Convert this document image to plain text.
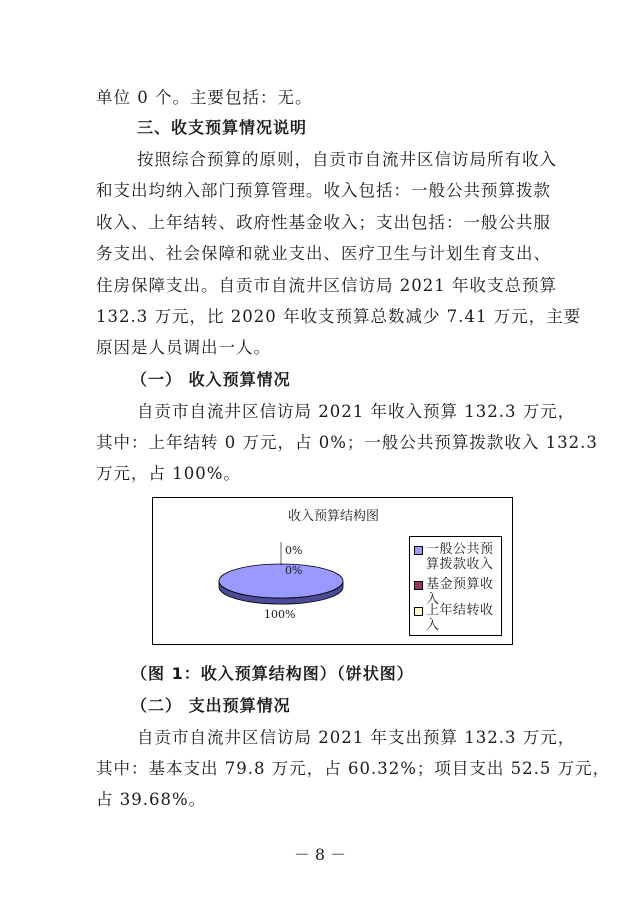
单位 0 个。主要包括：无。
三、收支预算情况说明
按照综合预算的原则，自贡市自流井区信访局所有收入
和支出均纳入部门预算管理。收入包括：一般公共预算拨款
收入、上年结转、政府性基金收入；支出包括：一般公共服
务支出、社会保障和就业支出、医疗卫生与计划生育支出、
住房保障支出。自贡市自流井区信访局 2021 年收支总预算
132.3 万元，比 2020 年收支预算总数减少 7.41 万元，主要
原因是人员调出一人。
（一） 收入预算情况
自贡市自流井区信访局 2021 年收入预算 132.3 万元，
其中：上年结转 0 万元，占 0%；一般公共预算拨款收入 132.3
万元，占 100%。
收入预算结构图
0%
0%
100%
一般公共预算拨款收入
基金预算收入
上年结转收入
（图 1：收入预算结构图）（饼状图）
（二） 支出预算情况
自贡市自流井区信访局 2021 年支出预算 132.3 万元，
其中：基本支出 79.8 万元，占 60.32%；项目支出 52.5 万元，
占 39.68%。
－ 8 －
